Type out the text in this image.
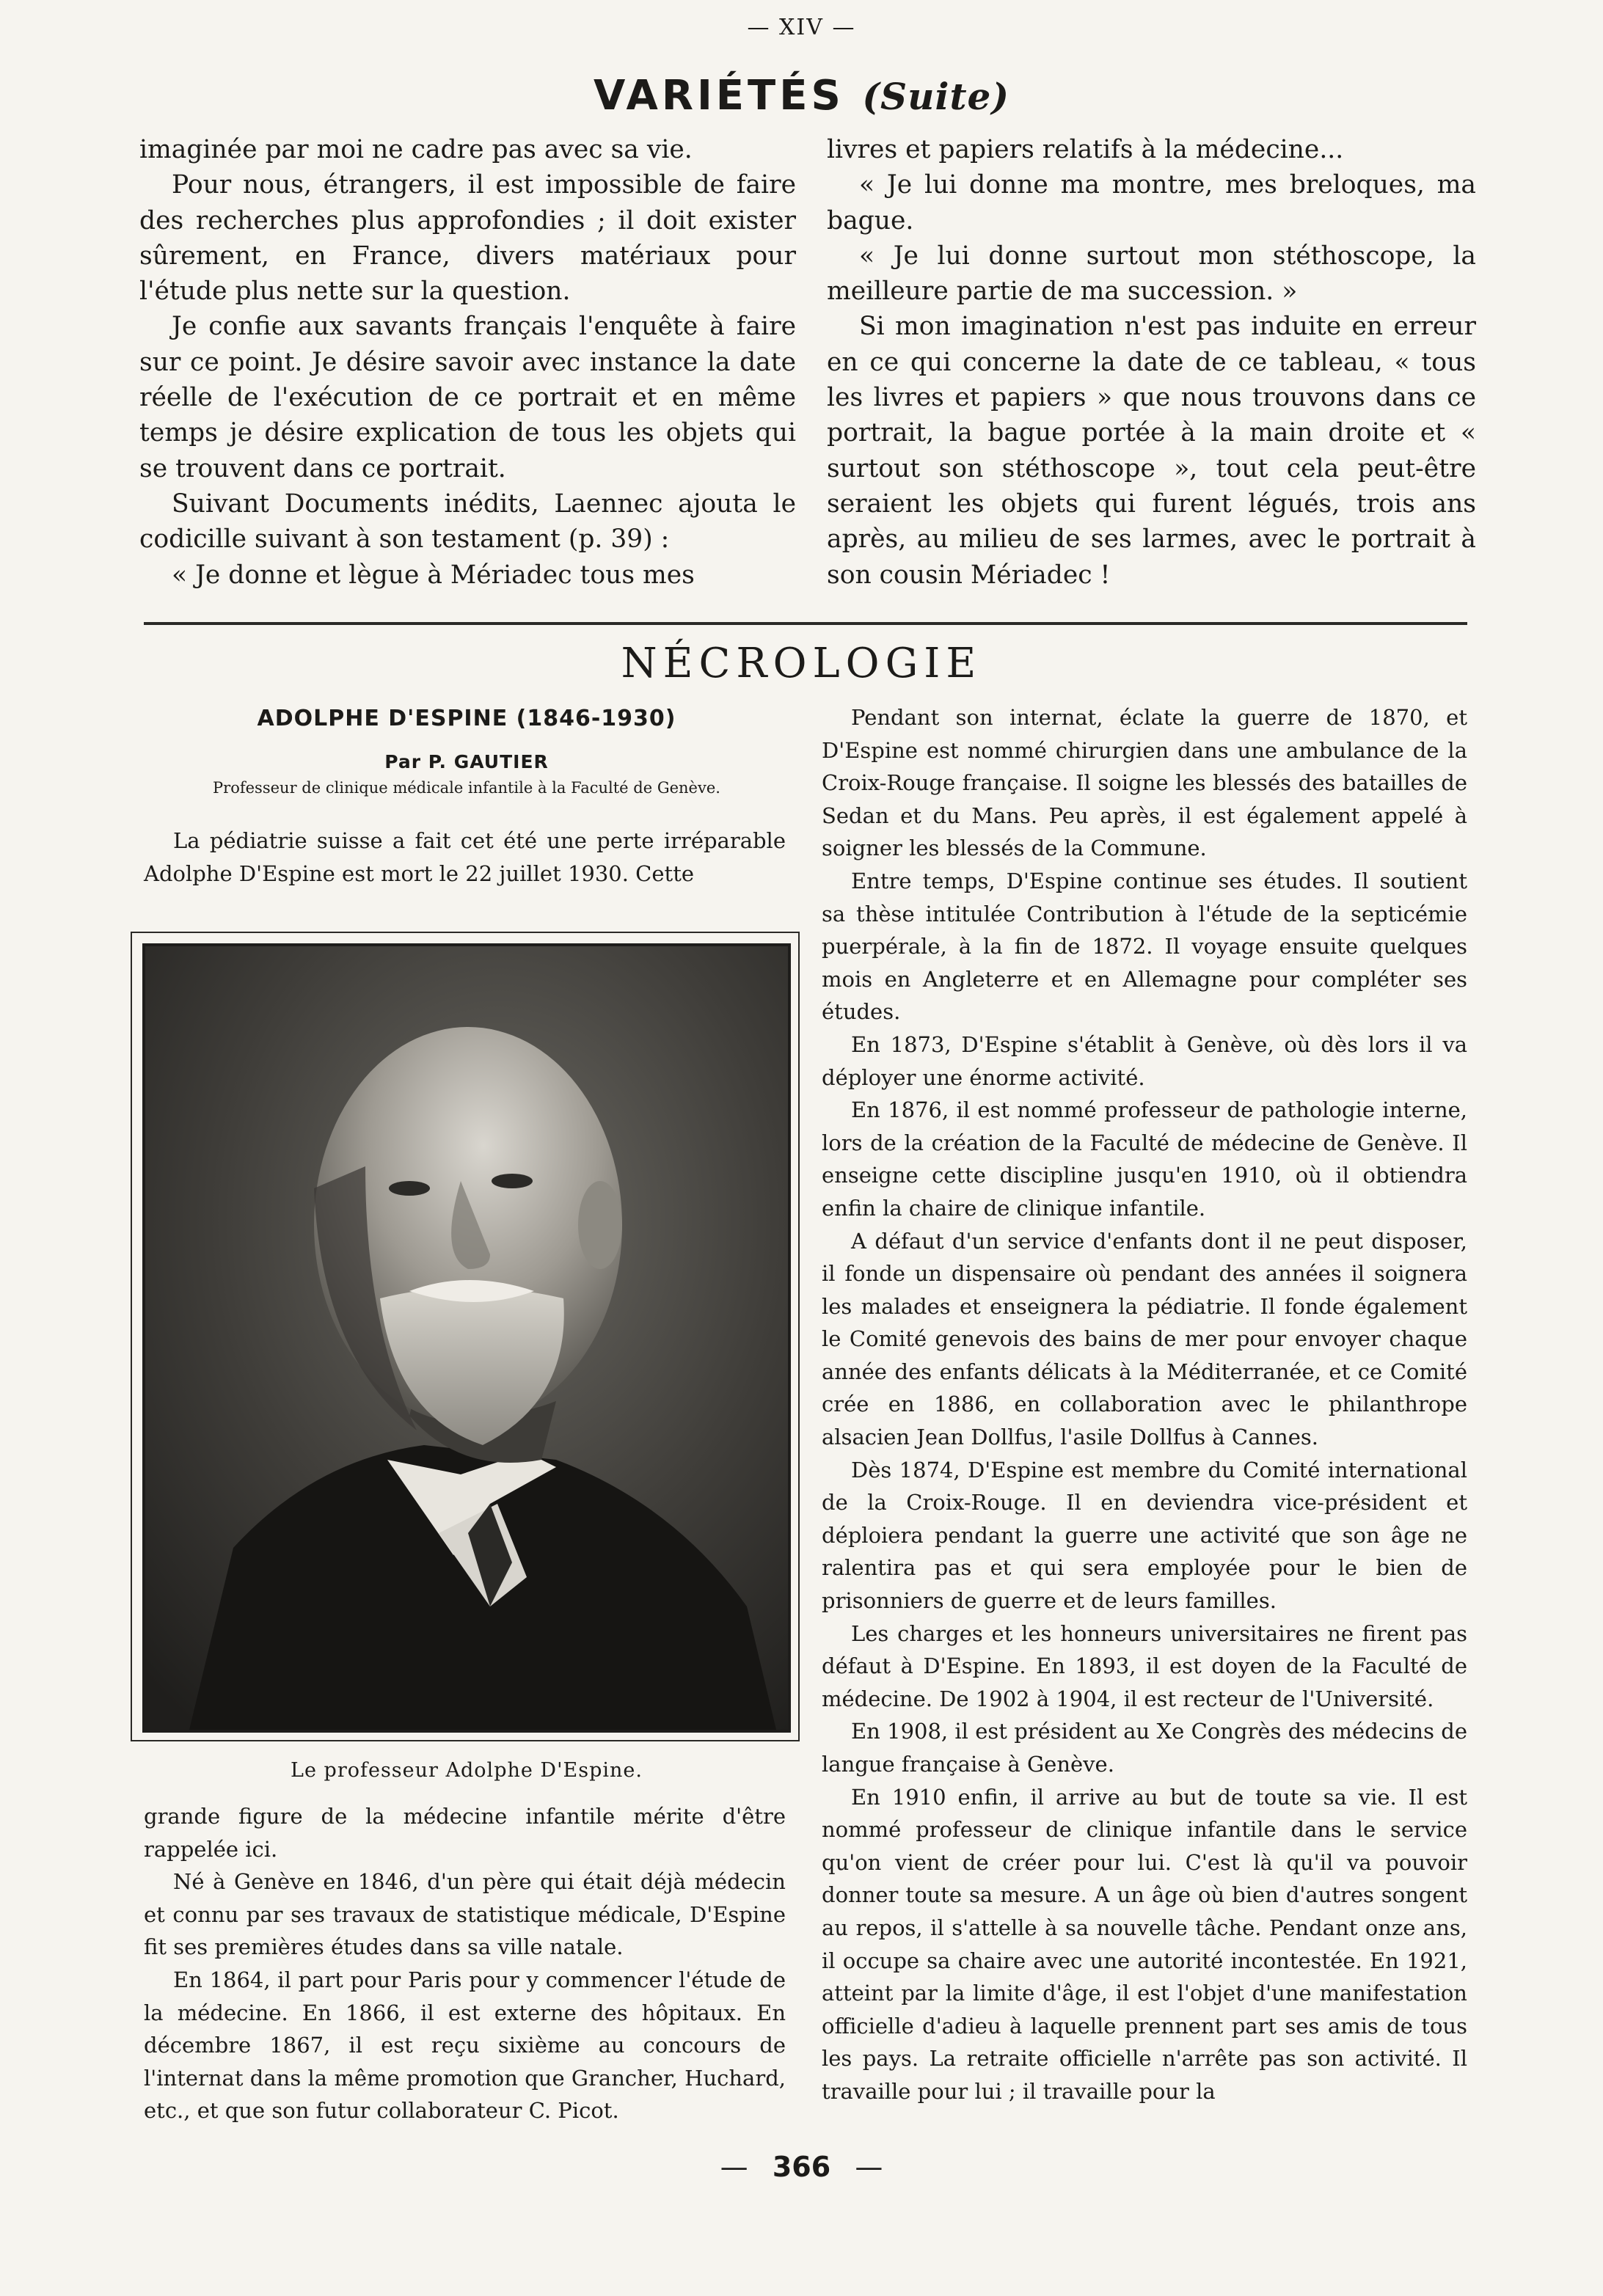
— XIV —
VARIÉTÉS (Suite)

imaginée par moi ne cadre pas avec sa vie.

Pour nous, étrangers, il est impossible de faire des recherches plus approfondies ; il doit exister sûrement, en France, divers matériaux pour l'étude plus nette sur la question.

Je confie aux savants français l'enquête à faire sur ce point. Je désire savoir avec instance la date réelle de l'exécution de ce portrait et en même temps je désire explication de tous les objets qui se trouvent dans ce portrait.

Suivant Documents inédits, Laennec ajouta le codicille suivant à son testament (p. 39) :

« Je donne et lègue à Mériadec tous mes

livres et papiers relatifs à la médecine...

« Je lui donne ma montre, mes breloques, ma bague.

« Je lui donne surtout mon stéthoscope, la meilleure partie de ma succession. »

Si mon imagination n'est pas induite en erreur en ce qui concerne la date de ce tableau, « tous les livres et papiers » que nous trouvons dans ce portrait, la bague portée à la main droite et « surtout son stéthoscope », tout cela peut-être seraient les objets qui furent légués, trois ans après, au milieu de ses larmes, avec le portrait à son cousin Mériadec !

NÉCROLOGIE
ADOLPHE D'ESPINE (1846-1930)
Par P. GAUTIER
Professeur de clinique médicale infantile à la Faculté de Genève.

La pédiatrie suisse a fait cet été une perte irréparable Adolphe D'Espine est mort le 22 juillet 1930. Cette

Le professeur Adolphe D'Espine.

grande figure de la médecine infantile mérite d'être rappelée ici.

Né à Genève en 1846, d'un père qui était déjà médecin et connu par ses travaux de statistique médicale, D'Espine fit ses premières études dans sa ville natale.

En 1864, il part pour Paris pour y commencer l'étude de la médecine. En 1866, il est externe des hôpitaux. En décembre 1867, il est reçu sixième au concours de l'internat dans la même promotion que Grancher, Huchard, etc., et que son futur collaborateur C. Picot.

Pendant son internat, éclate la guerre de 1870, et D'Espine est nommé chirurgien dans une ambulance de la Croix-Rouge française. Il soigne les blessés des batailles de Sedan et du Mans. Peu après, il est également appelé à soigner les blessés de la Commune.

Entre temps, D'Espine continue ses études. Il soutient sa thèse intitulée Contribution à l'étude de la septicémie puerpérale, à la fin de 1872. Il voyage ensuite quelques mois en Angleterre et en Allemagne pour compléter ses études.

En 1873, D'Espine s'établit à Genève, où dès lors il va déployer une énorme activité.

En 1876, il est nommé professeur de pathologie interne, lors de la création de la Faculté de médecine de Genève. Il enseigne cette discipline jusqu'en 1910, où il obtiendra enfin la chaire de clinique infantile.

A défaut d'un service d'enfants dont il ne peut disposer, il fonde un dispensaire où pendant des années il soignera les malades et enseignera la pédiatrie. Il fonde également le Comité genevois des bains de mer pour envoyer chaque année des enfants délicats à la Méditerranée, et ce Comité crée en 1886, en collaboration avec le philanthrope alsacien Jean Dollfus, l'asile Dollfus à Cannes.

Dès 1874, D'Espine est membre du Comité international de la Croix-Rouge. Il en deviendra vice-président et déploiera pendant la guerre une activité que son âge ne ralentira pas et qui sera employée pour le bien de prisonniers de guerre et de leurs familles.

Les charges et les honneurs universitaires ne firent pas défaut à D'Espine. En 1893, il est doyen de la Faculté de médecine. De 1902 à 1904, il est recteur de l'Université.

En 1908, il est président au Xe Congrès des médecins de langue française à Genève.

En 1910 enfin, il arrive au but de toute sa vie. Il est nommé professeur de clinique infantile dans le service qu'on vient de créer pour lui. C'est là qu'il va pouvoir donner toute sa mesure. A un âge où bien d'autres songent au repos, il s'attelle à sa nouvelle tâche. Pendant onze ans, il occupe sa chaire avec une autorité incontestée. En 1921, atteint par la limite d'âge, il est l'objet d'une manifestation officielle d'adieu à laquelle prennent part ses amis de tous les pays. La retraite officielle n'arrête pas son activité. Il travaille pour lui ; il travaille pour la

— 366 —
